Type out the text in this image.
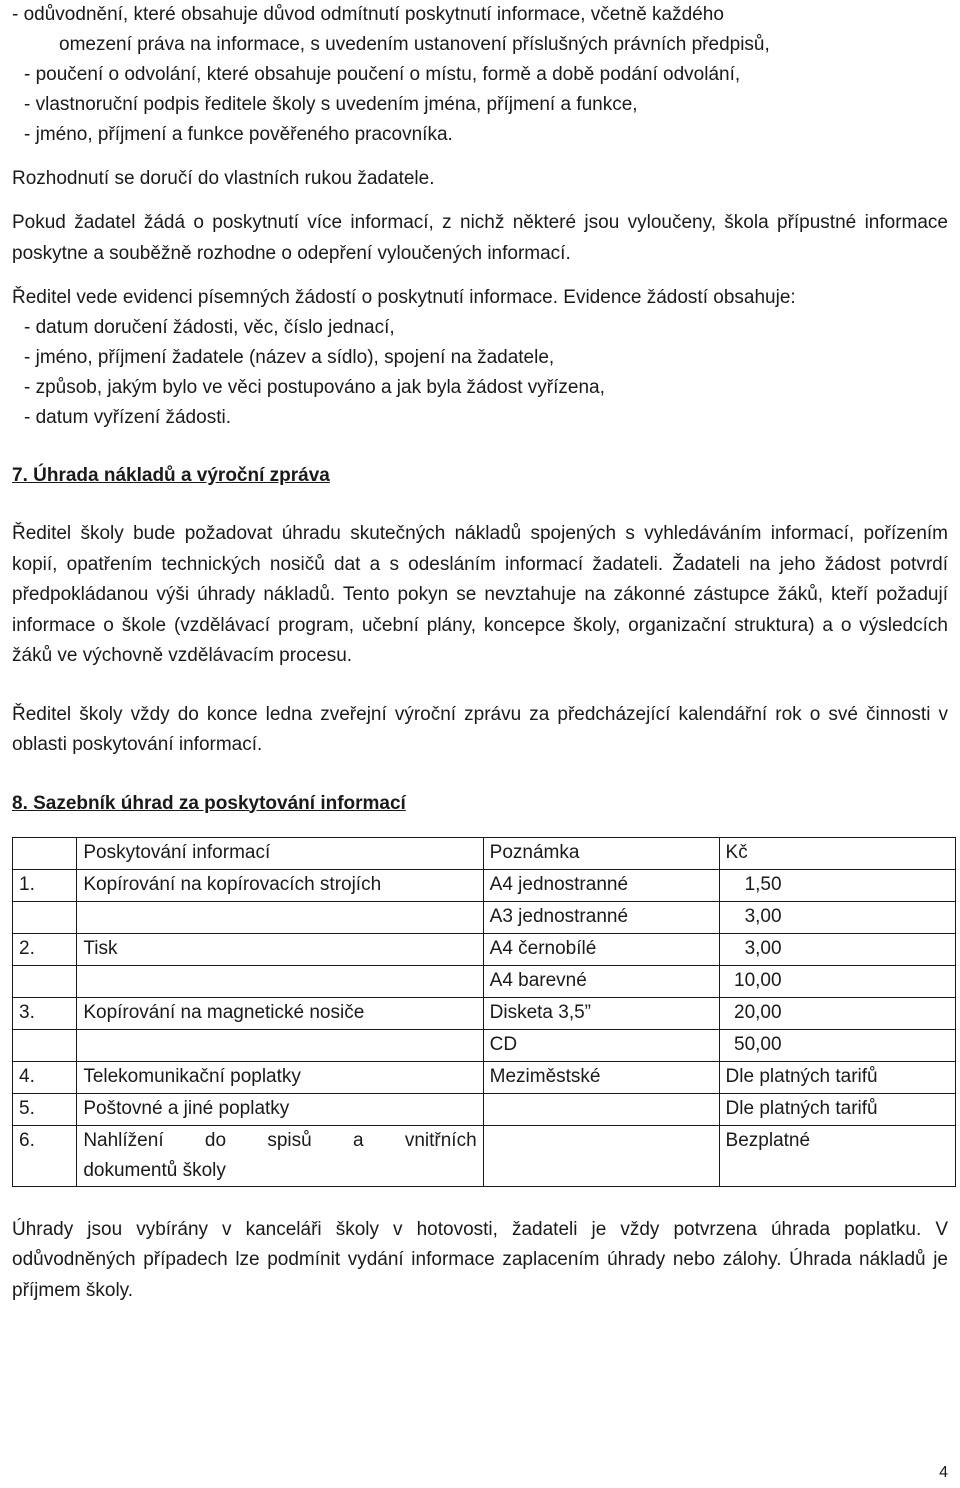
- odůvodnění, které obsahuje důvod odmítnutí poskytnutí informace, včetně každého

omezení práva na informace, s uvedením ustanovení příslušných právních předpisů,

- poučení o odvolání, které obsahuje poučení o místu, formě a době podání odvolání,

- vlastnoruční podpis ředitele školy s uvedením jména, příjmení a funkce,

- jméno, příjmení a funkce pověřeného pracovníka.

Rozhodnutí se doručí do vlastních rukou žadatele.

Pokud žadatel žádá o poskytnutí více informací, z nichž některé jsou vyloučeny, škola přípustné informace poskytne a souběžně rozhodne o odepření vyloučených informací.

Ředitel vede evidenci písemných žádostí o poskytnutí informace. Evidence žádostí obsahuje:

- datum doručení žádosti, věc, číslo jednací,

- jméno, příjmení žadatele (název a sídlo), spojení na žadatele,

- způsob, jakým bylo ve věci postupováno a jak byla žádost vyřízena,

- datum vyřízení žádosti.

7. Úhrada nákladů a výroční zpráva

Ředitel školy bude požadovat úhradu skutečných nákladů spojených s vyhledáváním informací, pořízením kopií, opatřením technických nosičů dat a s odesláním informací žadateli. Žadateli na jeho žádost potvrdí předpokládanou výši úhrady nákladů. Tento pokyn se nevztahuje na zákonné zástupce žáků, kteří požadují informace o škole (vzdělávací program, učební plány, koncepce školy, organizační struktura) a o výsledcích žáků ve výchovně vzdělávacím procesu.

Ředitel školy vždy do konce ledna zveřejní výroční zprávu za předcházející kalendářní rok o své činnosti v oblasti poskytování informací.

8. Sazebník úhrad za poskytování informací

	Poskytování informací	Poznámka	Kč
1.	Kopírování na kopírovacích strojích	A4 jednostranné	1,50
		A3 jednostranné	3,00
2.	Tisk	A4 černobílé	3,00
		A4 barevné	10,00
3.	Kopírování na magnetické nosiče	Disketa 3,5”	20,00
		CD	50,00
4.	Telekomunikační poplatky	Meziměstské	Dle platných tarifů
5.	Poštovné a jiné poplatky		Dle platných tarifů
6.	Nahlížení do spisů a vnitřních
dokumentů školy		Bezplatné

Úhrady jsou vybírány v kanceláři školy v hotovosti, žadateli je vždy potvrzena úhrada poplatku. V odůvodněných případech lze podmínit vydání informace zaplacením úhrady nebo zálohy. Úhrada nákladů je příjmem školy.

4
